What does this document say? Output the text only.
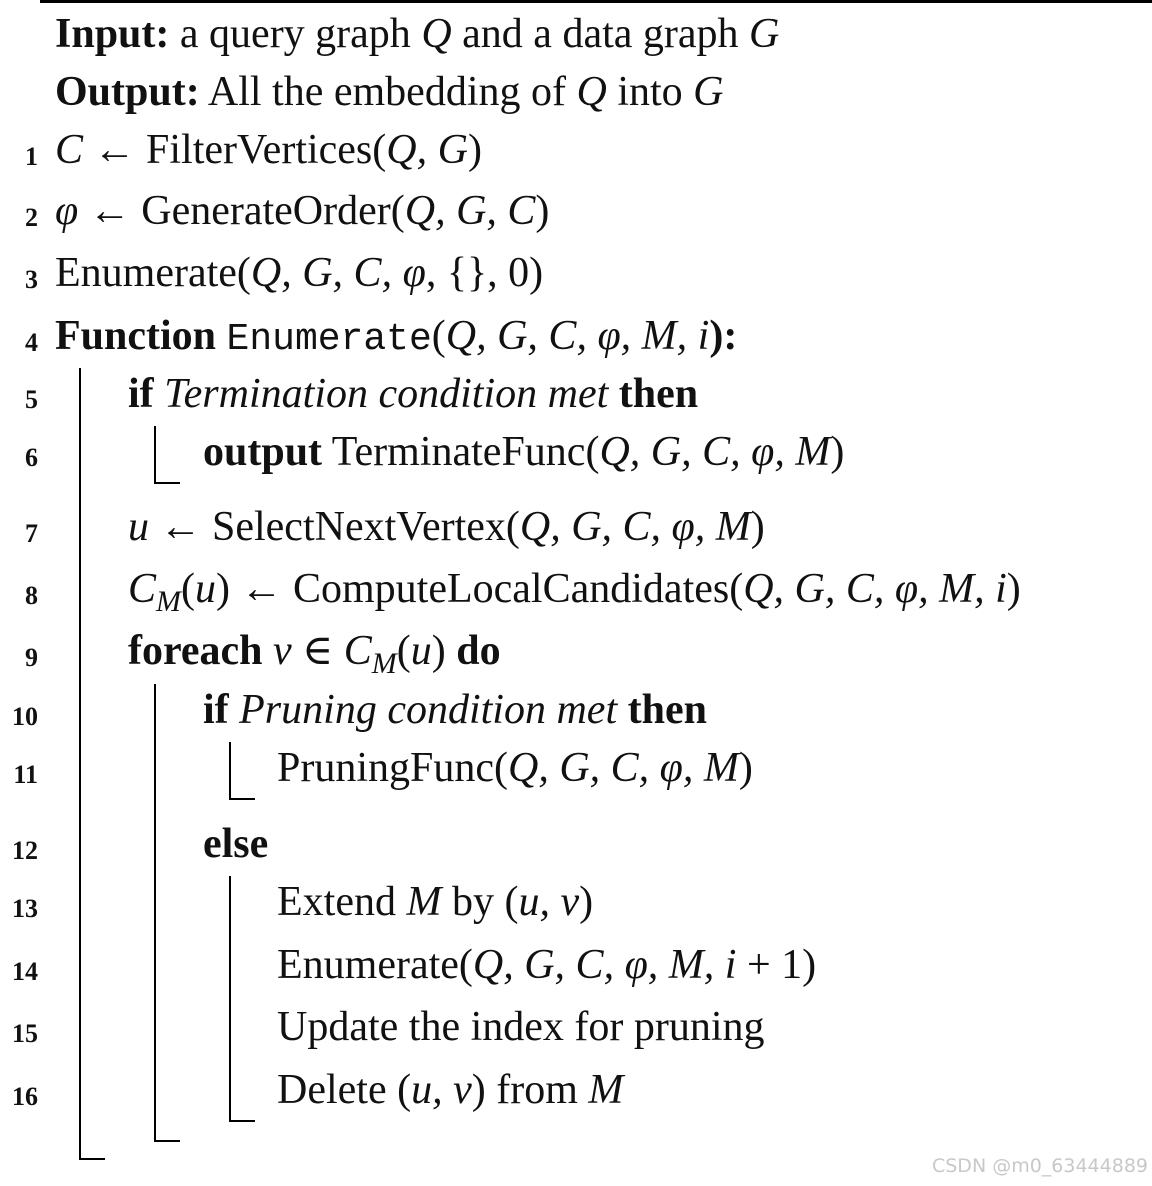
Input: a query graph Q and a data graph G
Output: All the embedding of Q into G
1
2
3
4
5
6
7
8
9
10
11
12
13
14
15
16
C ← FilterVertices(Q, G)
φ ← GenerateOrder(Q, G, C)
Enumerate(Q, G, C, φ, {}, 0)
Function Enumerate(Q, G, C, φ, M, i):
if Termination condition met then
output TerminateFunc(Q, G, C, φ, M)
u ← SelectNextVertex(Q, G, C, φ, M)
$C_M(u)$ ← ComputeLocalCandidates(Q, G, C, φ, M, i)
foreach v ∈ $C_M(u)$ do
if Pruning condition met then
PruningFunc(Q, G, C, φ, M)
else
Extend M by (u, v)
Enumerate(Q, G, C, φ, M, i + 1)
Update the index for pruning
Delete (u, v) from M
CSDN @m0_63444889
